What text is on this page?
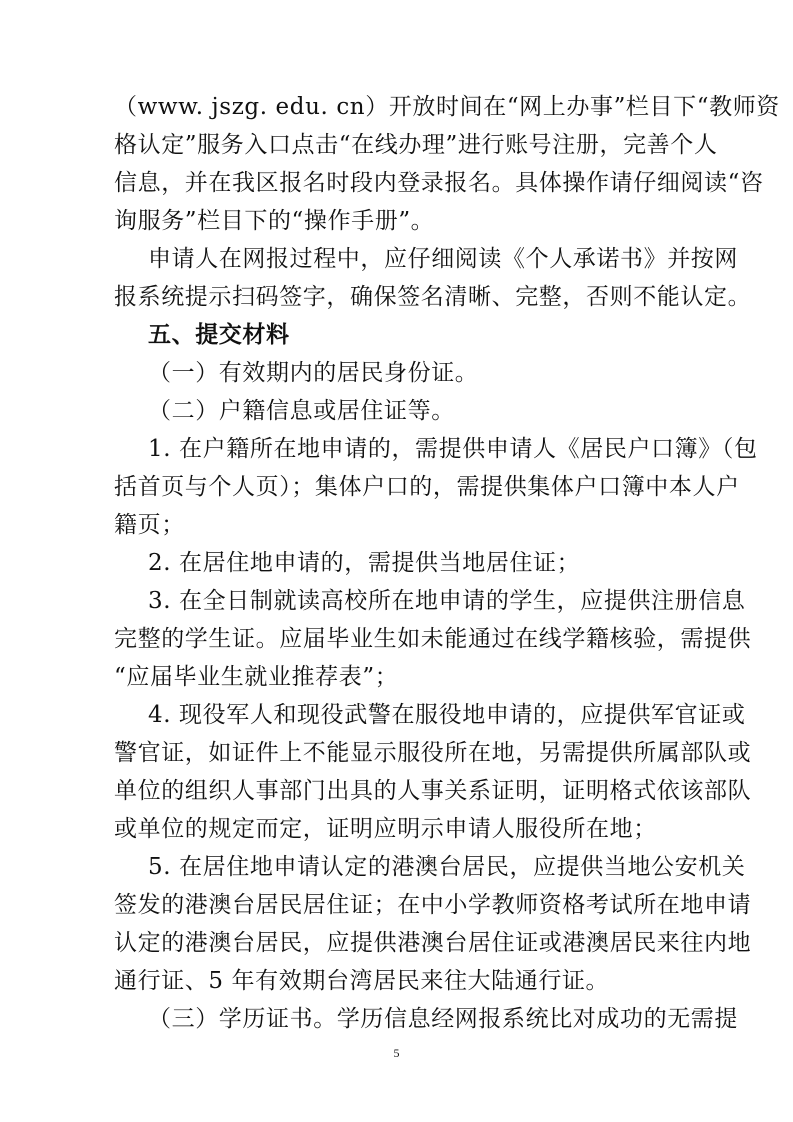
（www. jszg. edu. cn）开放时间在“网上办事”栏目下“教师资
格认定”服务入口点击“在线办理”进行账号注册，完善个人
信息，并在我区报名时段内登录报名。具体操作请仔细阅读“咨
询服务”栏目下的“操作手册”。
申请人在网报过程中，应仔细阅读《个人承诺书》并按网
报系统提示扫码签字，确保签名清晰、完整，否则不能认定。
五、提交材料
（一）有效期内的居民身份证。
（二）户籍信息或居住证等。
1. 在户籍所在地申请的，需提供申请人《居民户口簿》（包
括首页与个人页）；集体户口的，需提供集体户口簿中本人户
籍页；
2. 在居住地申请的，需提供当地居住证；
3. 在全日制就读高校所在地申请的学生，应提供注册信息
完整的学生证。应届毕业生如未能通过在线学籍核验，需提供
“应届毕业生就业推荐表”；
4. 现役军人和现役武警在服役地申请的，应提供军官证或
警官证，如证件上不能显示服役所在地，另需提供所属部队或
单位的组织人事部门出具的人事关系证明，证明格式依该部队
或单位的规定而定，证明应明示申请人服役所在地；
5. 在居住地申请认定的港澳台居民，应提供当地公安机关
签发的港澳台居民居住证；在中小学教师资格考试所在地申请
5
认定的港澳台居民，应提供港澳台居住证或港澳居民来往内地
通行证、5 年有效期台湾居民来往大陆通行证。
（三）学历证书。学历信息经网报系统比对成功的无需提
